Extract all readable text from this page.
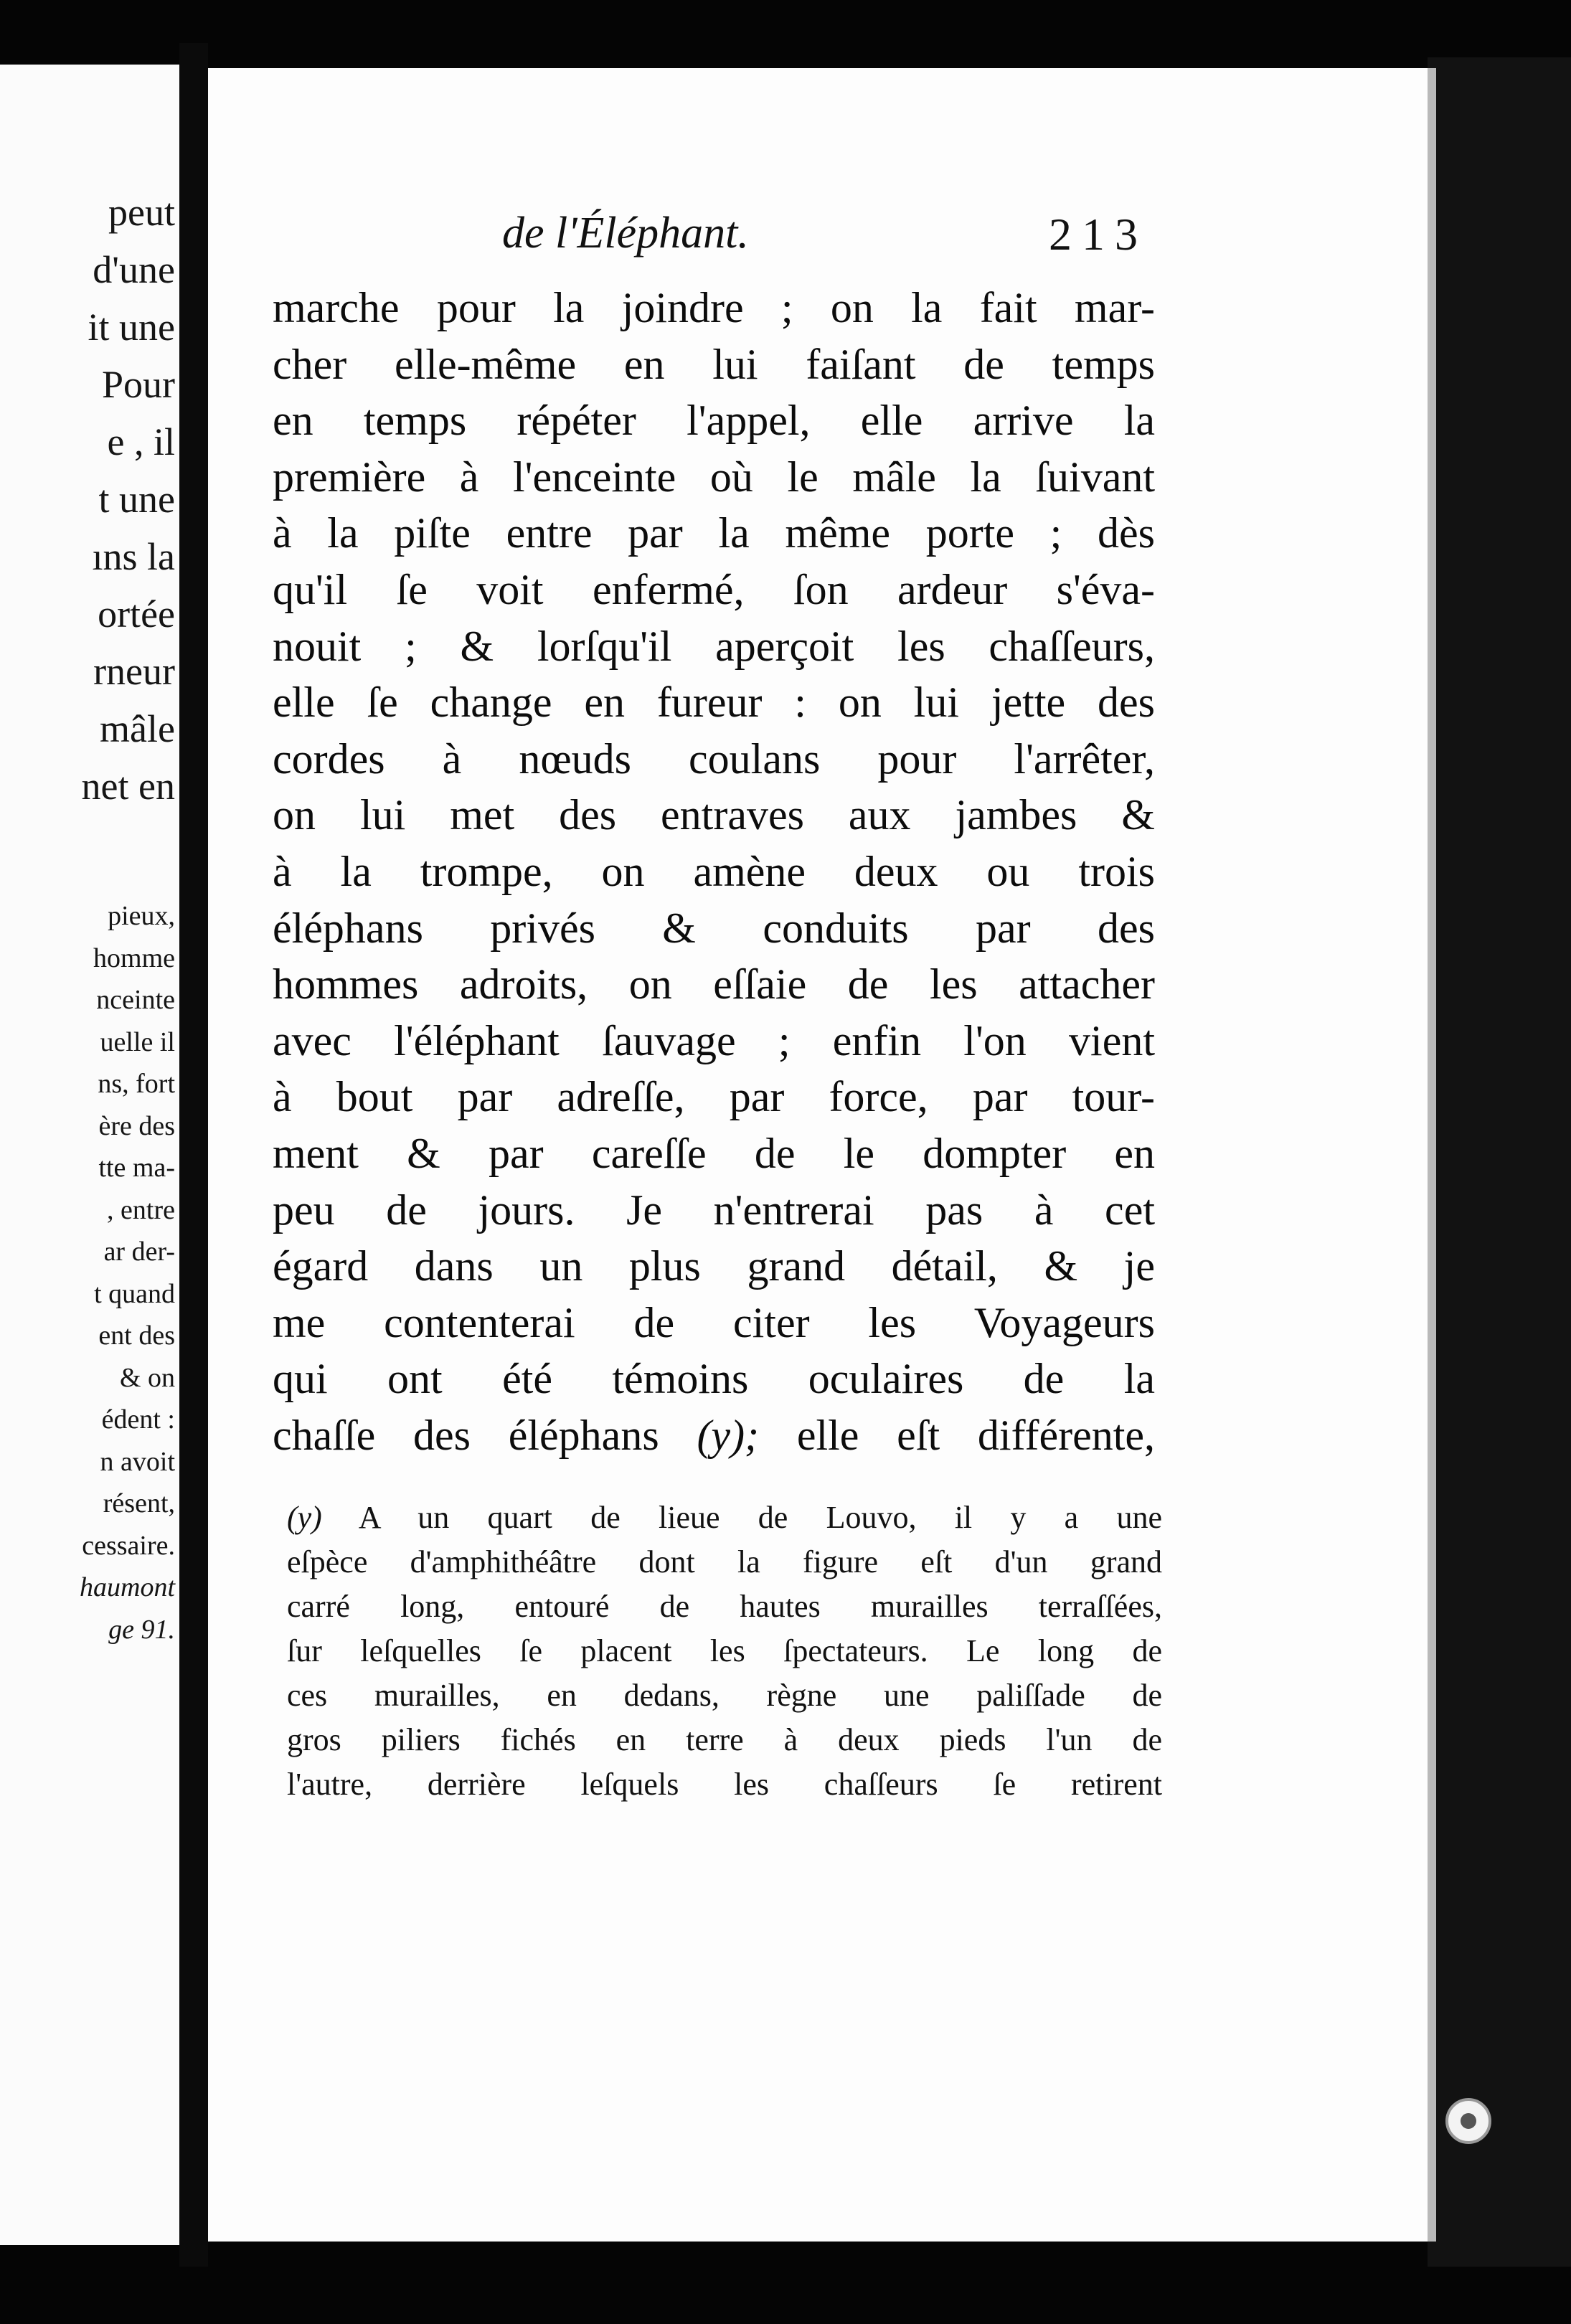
peut
d'une
it une
Pour
e , il
t une
ıns la
ortée
rneur
mâle
net en
pieux,
homme
nceinte
uelle il
ns, fort
ère des
tte ma-
, entre
ar der-
t quand
ent des
& on
édent :
n avoit
résent,
cessaire.
haumont
ge 91.
de l'Éléphant.	213
marche pour la joindre ; on la fait mar-
cher elle-même en lui faiſant de temps
en temps répéter l'appel, elle arrive la
première à l'enceinte où le mâle la ſuivant
à la piſte entre par la même porte ; dès
qu'il ſe voit enfermé, ſon ardeur s'éva-
nouit ; & lorſqu'il aperçoit les chaſſeurs,
elle ſe change en fureur : on lui jette des
cordes à nœuds coulans pour l'arrêter,
on lui met des entraves aux jambes &
à la trompe, on amène deux ou trois
éléphans privés & conduits par des
hommes adroits, on eſſaie de les attacher
avec l'éléphant ſauvage ; enfin l'on vient
à bout par adreſſe, par force, par tour-
ment & par careſſe de le dompter en
peu de jours. Je n'entrerai pas à cet
égard dans un plus grand détail, & je
me contenterai de citer les Voyageurs
qui ont été témoins oculaires de la
chaſſe des éléphans (y); elle eſt différente,
(y) A un quart de lieue de Louvo, il y a une
eſpèce d'amphithéâtre dont la figure eſt d'un grand
carré long, entouré de hautes murailles terraſſées,
ſur leſquelles ſe placent les ſpectateurs. Le long de
ces murailles, en dedans, règne une paliſſade de
gros piliers fichés en terre à deux pieds l'un de
l'autre, derrière leſquels les chaſſeurs ſe retirent
